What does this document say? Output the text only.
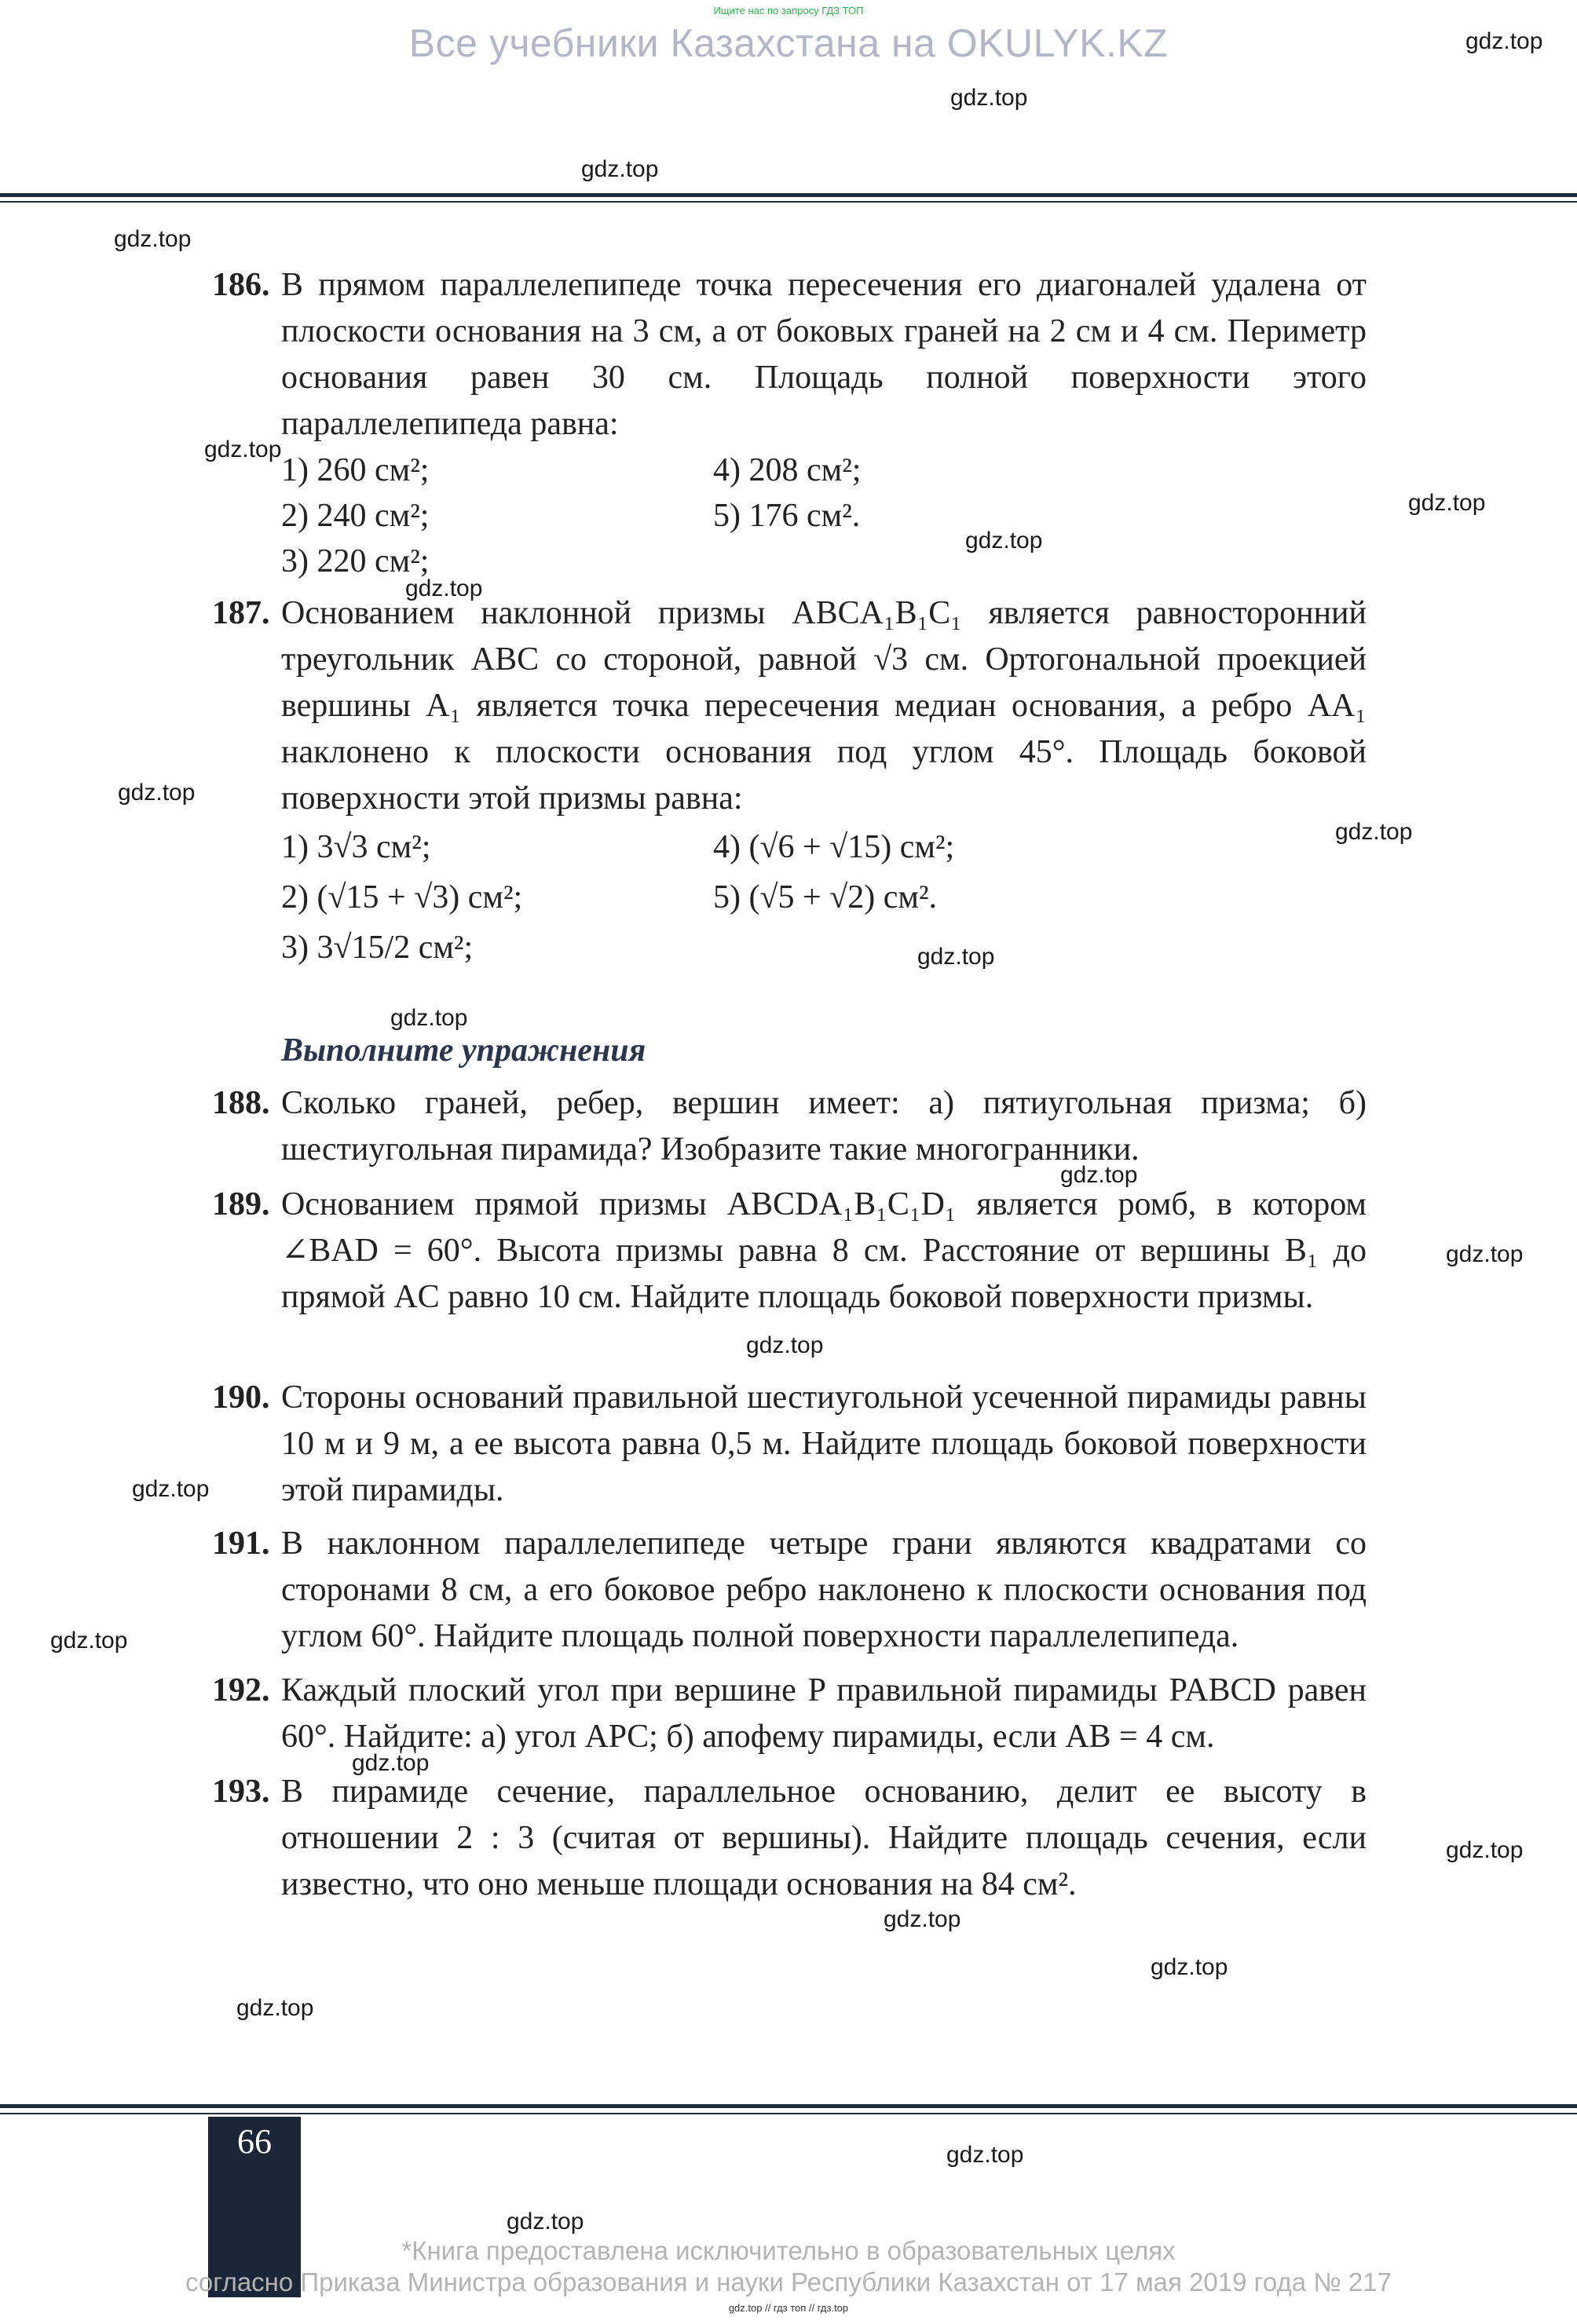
Ищите нас по запросу ГДЗ ТОП
Все учебники Казахстана на OKULYK.KZ	gdz.top
gdz.top
gdz.top
gdz.top
gdz.top
gdz.top
gdz.top
gdz.top
gdz.top
gdz.top
gdz.top
gdz.top
gdz.top
gdz.top
gdz.top
gdz.top
gdz.top
gdz.top
gdz.top
gdz.top
gdz.top
gdz.top
gdz.top
gdz.top
186. В прямом параллелепипеде точка пересечения его диагоналей удалена от плоскости основания на 3 см, а от боковых граней на 2 см и 4 см. Периметр основания равен 30 см. Площадь полной поверхности этого параллелепипеда равна:
1) 260 см²;	4) 208 см²;
2) 240 см²;	5) 176 см².
3) 220 см²;
187. Основанием наклонной призмы ABCA₁B₁C₁ является равносторонний треугольник ABC со стороной, равной √3 см. Ортогональной проекцией вершины A₁ является точка пересечения медиан основания, а ребро AA₁ наклонено к плоскости основания под углом 45°. Площадь боковой поверхности этой призмы равна:
1) 3√3 см²;	4) (√6 + √15) см²;
2) (√15 + √3) см²;	5) (√5 + √2) см².
3) 3√15/2 см²;
Выполните упражнения
188. Сколько граней, ребер, вершин имеет: а) пятиугольная призма; б) шестиугольная пирамида? Изобразите такие многогранники.
189. Основанием прямой призмы ABCDA₁B₁C₁D₁ является ромб, в котором ∠BAD = 60°. Высота призмы равна 8 см. Расстояние от вершины B₁ до прямой AC равно 10 см. Найдите площадь боковой поверхности призмы.
190. Стороны оснований правильной шестиугольной усеченной пирамиды равны 10 м и 9 м, а ее высота равна 0,5 м. Найдите площадь боковой поверхности этой пирамиды.
191. В наклонном параллелепипеде четыре грани являются квадратами со сторонами 8 см, а его боковое ребро наклонено к плоскости основания под углом 60°. Найдите площадь полной поверхности параллелепипеда.
192. Каждый плоский угол при вершине P правильной пирамиды PABCD равен 60°. Найдите: а) угол APC; б) апофему пирамиды, если AB = 4 см.
193. В пирамиде сечение, параллельное основанию, делит ее высоту в отношении 2 : 3 (считая от вершины). Найдите площадь сечения, если известно, что оно меньше площади основания на 84 см².
66
*Книга предоставлена исключительно в образовательных целях
согласно Приказа Министра образования и науки Республики Казахстан от 17 мая 2019 года № 217
gdz.top // гдз топ // гдз.top
